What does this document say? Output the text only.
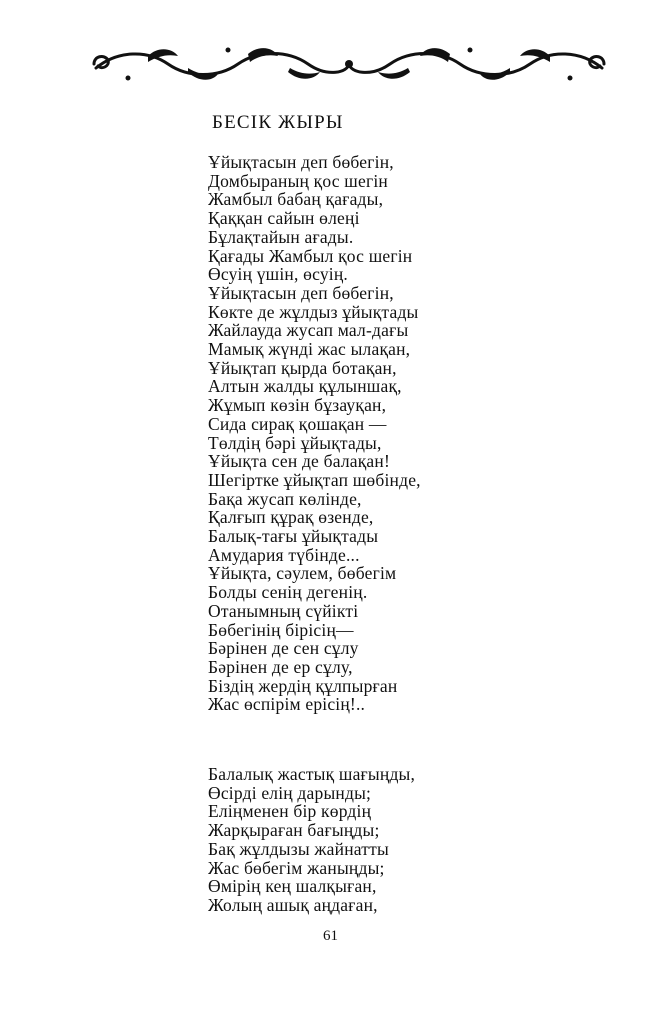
БЕСІК ЖЫРЫ
Ұйықтасын деп бөбегін,
Домбыраның қос шегін
Жамбыл бабаң қағады,
Қаққан сайын өлеңі
Бұлақтайын ағады.
Қағады Жамбыл қос шегін
Өсуің үшін, өсуің.
Ұйықтасын деп бөбегін,
Көкте де жұлдыз ұйықтады
Жайлауда жусап мал-дағы
Мамық жүнді жас ылақан,
Ұйықтап қырда ботақан,
Алтын жалды құлыншақ,
Жұмып көзін бұзауқан,
Сида сирақ қошақан —
Төлдің бәрі ұйықтады,
Ұйықта сен де балақан!
Шегіртке ұйықтап шөбінде,
Бақа жусап көлінде,
Қалғып құрақ өзенде,
Балық-тағы ұйықтады
Амудария түбінде...
Ұйықта, сәулем, бөбегім
Болды сенің дегенің.
Отанымның сүйікті
Бөбегінің бірісің—
Бәрінен де сен сұлу
Бәрінен де ер сұлу,
Біздің жердің құлпырған
Жас өспірім ерісің!..
Балалық жастық шағыңды,
Өсірді елің дарынды;
Елiңменен бір көрдің
Жарқыраған бағыңды;
Бақ жұлдызы жайнатты
Жас бөбегім жаныңды;
Өмірің кең шалқыған,
Жолың ашық аңдаған,
61
